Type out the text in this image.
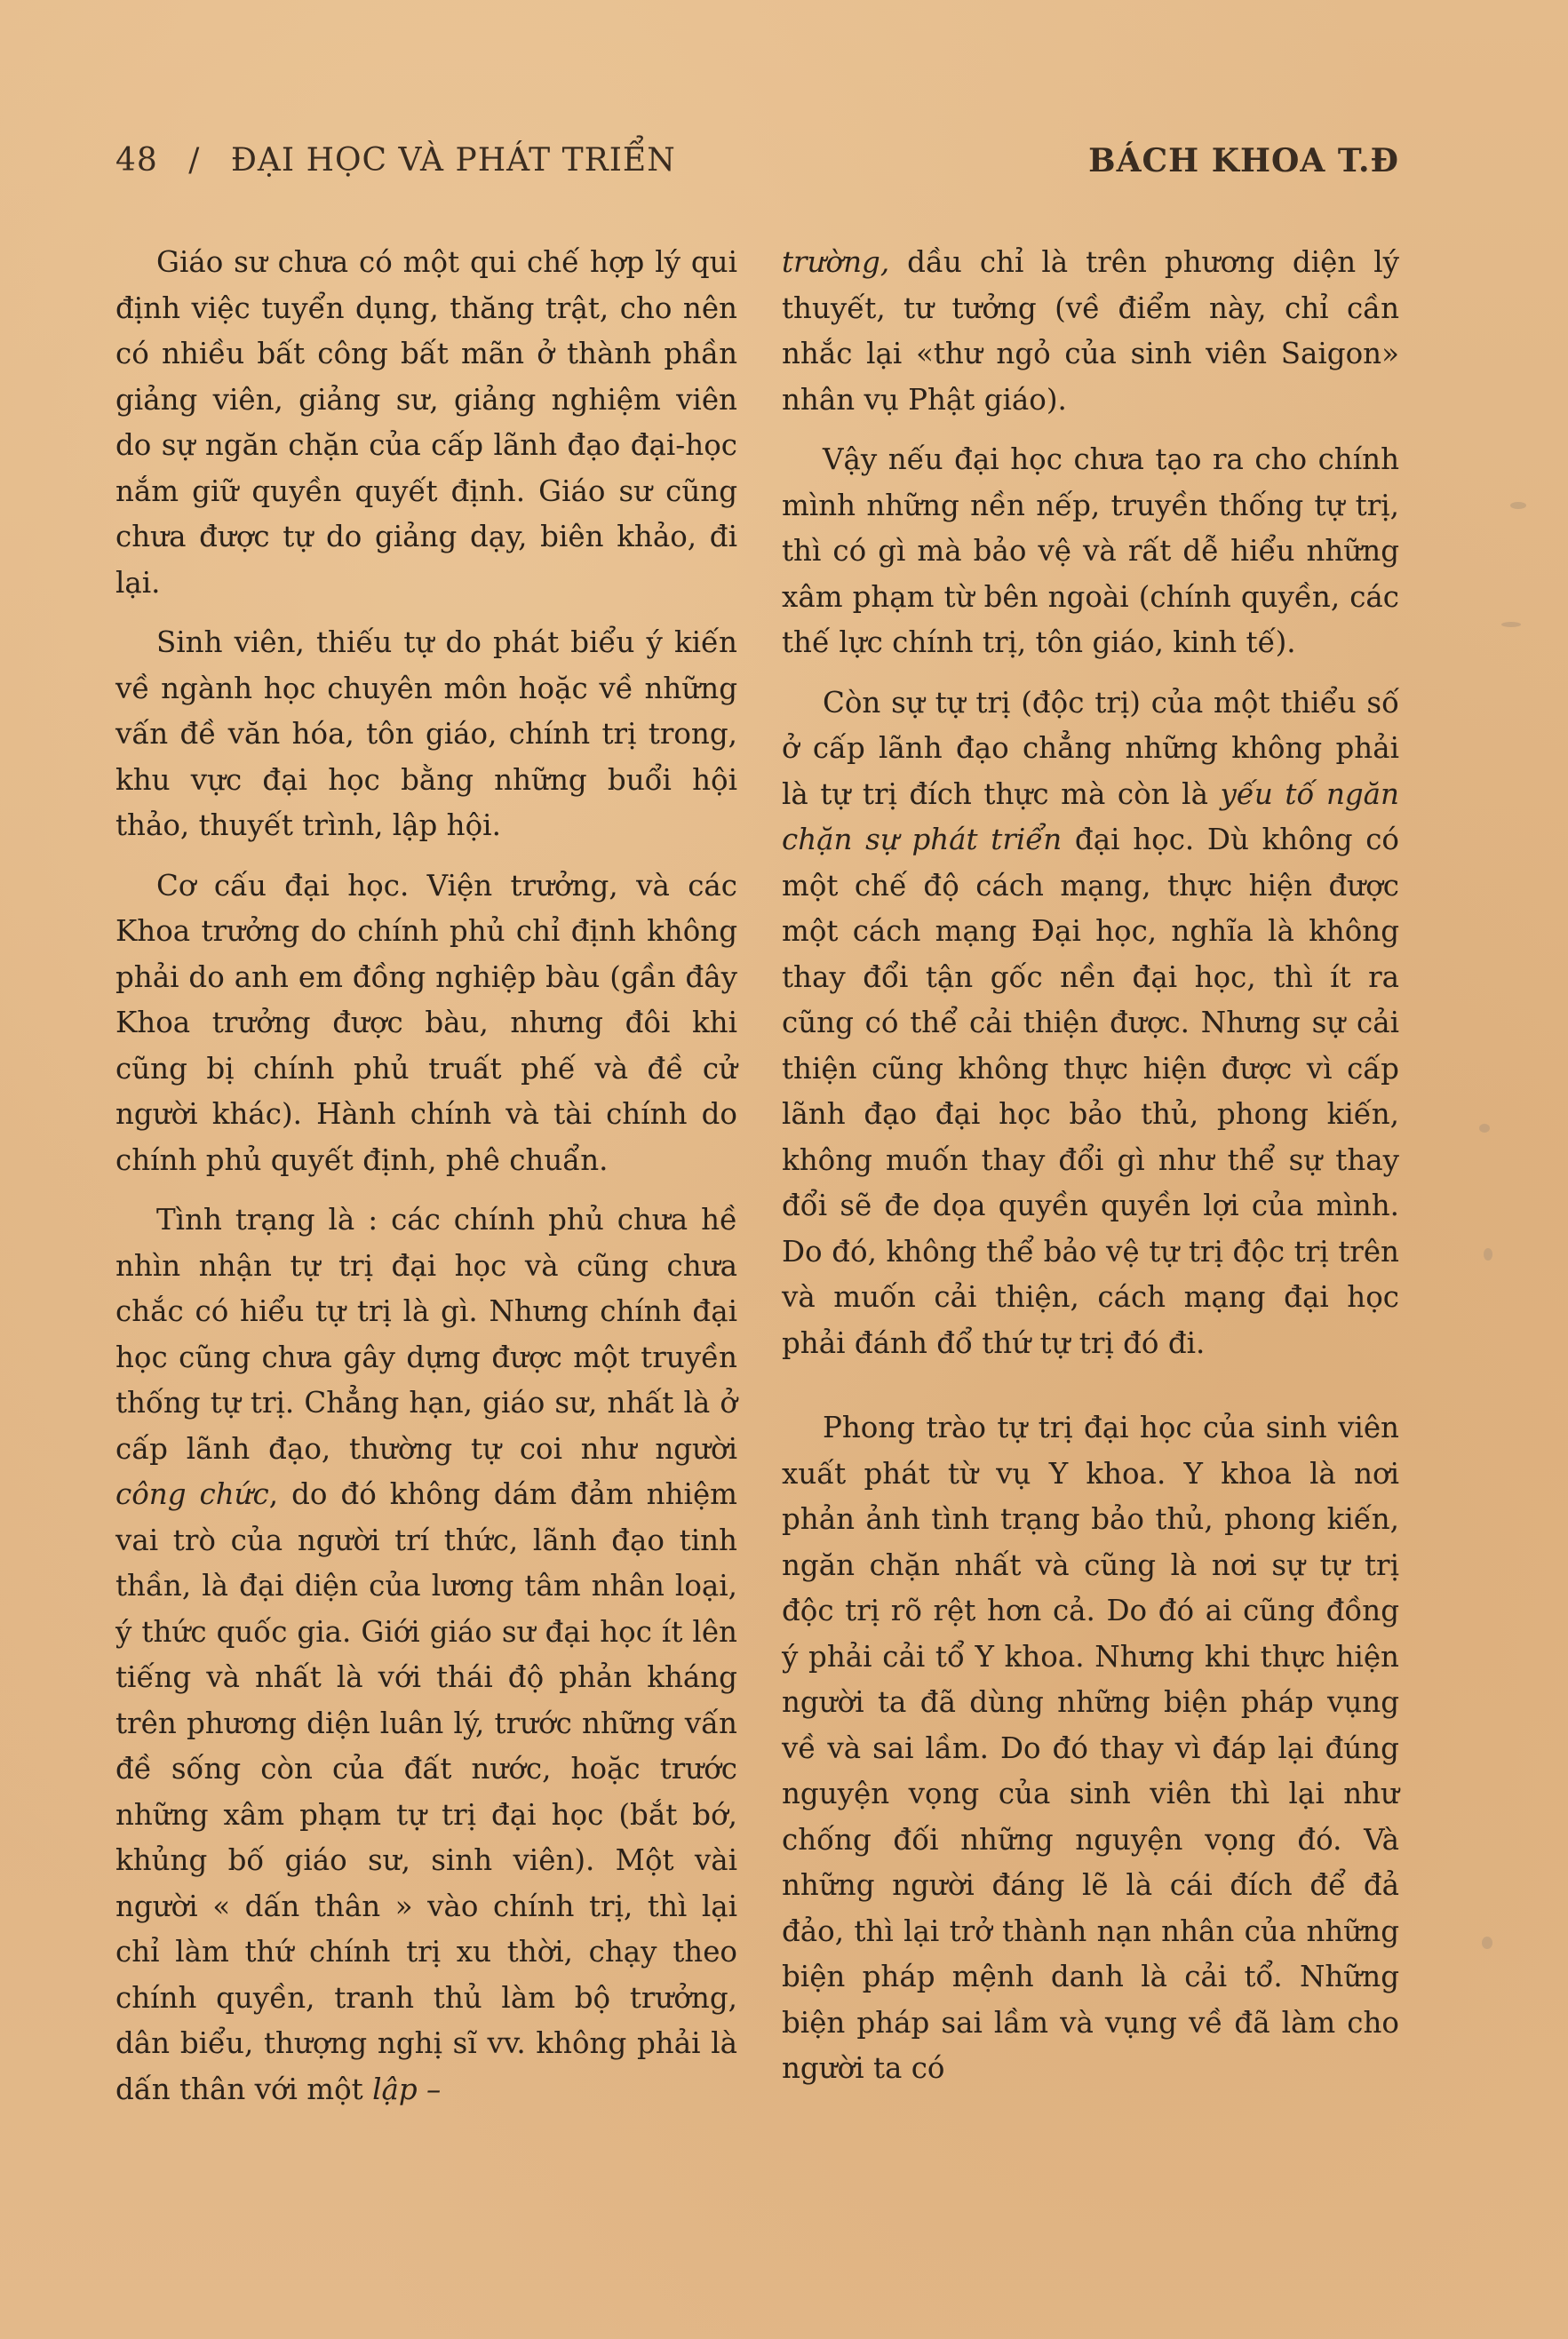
48 / ĐẠI HỌC VÀ PHÁT TRIỂN	BÁCH KHOA T.Đ

Giáo sư chưa có một qui chế hợp lý qui định việc tuyển dụng, thăng trật, cho nên có nhiều bất công bất mãn ở thành phần giảng viên, giảng sư, giảng nghiệm viên do sự ngăn chặn của cấp lãnh đạo đại-học nắm giữ quyền quyết định. Giáo sư cũng chưa được tự do giảng dạy, biên khảo, đi lại.

Sinh viên, thiếu tự do phát biểu ý kiến về ngành học chuyên môn hoặc về những vấn đề văn hóa, tôn giáo, chính trị trong, khu vực đại học bằng những buổi hội thảo, thuyết trình, lập hội.

Cơ cấu đại học. Viện trưởng, và các Khoa trưởng do chính phủ chỉ định không phải do anh em đồng nghiệp bàu (gần đây Khoa trưởng được bàu, nhưng đôi khi cũng bị chính phủ truất phế và đề cử người khác). Hành chính và tài chính do chính phủ quyết định, phê chuẩn.

Tình trạng là : các chính phủ chưa hề nhìn nhận tự trị đại học và cũng chưa chắc có hiểu tự trị là gì. Nhưng chính đại học cũng chưa gây dựng được một truyền thống tự trị. Chẳng hạn, giáo sư, nhất là ở cấp lãnh đạo, thường tự coi như người công chức, do đó không dám đảm nhiệm vai trò của người trí thức, lãnh đạo tinh thần, là đại diện của lương tâm nhân loại, ý thức quốc gia. Giới giáo sư đại học ít lên tiếng và nhất là với thái độ phản kháng trên phương diện luân lý, trước những vấn đề sống còn của đất nước, hoặc trước những xâm phạm tự trị đại học (bắt bớ, khủng bố giáo sư, sinh viên). Một vài người « dấn thân » vào chính trị, thì lại chỉ làm thứ chính trị xu thời, chạy theo chính quyền, tranh thủ làm bộ trưởng, dân biểu, thượng nghị sĩ vv. không phải là dấn thân với một lập –

trường, dầu chỉ là trên phương diện lý thuyết, tư tưởng (về điểm này, chỉ cần nhắc lại «thư ngỏ của sinh viên Saigon» nhân vụ Phật giáo).

Vậy nếu đại học chưa tạo ra cho chính mình những nền nếp, truyền thống tự trị, thì có gì mà bảo vệ và rất dễ hiểu những xâm phạm từ bên ngoài (chính quyền, các thế lực chính trị, tôn giáo, kinh tế).

Còn sự tự trị (độc trị) của một thiểu số ở cấp lãnh đạo chẳng những không phải là tự trị đích thực mà còn là yếu tố ngăn chặn sự phát triển đại học. Dù không có một chế độ cách mạng, thực hiện được một cách mạng Đại học, nghĩa là không thay đổi tận gốc nền đại học, thì ít ra cũng có thể cải thiện được. Nhưng sự cải thiện cũng không thực hiện được vì cấp lãnh đạo đại học bảo thủ, phong kiến, không muốn thay đổi gì như thể sự thay đổi sẽ đe dọa quyền quyền lợi của mình. Do đó, không thể bảo vệ tự trị độc trị trên và muốn cải thiện, cách mạng đại học phải đánh đổ thứ tự trị đó đi.

Phong trào tự trị đại học của sinh viên xuất phát từ vụ Y khoa. Y khoa là nơi phản ảnh tình trạng bảo thủ, phong kiến, ngăn chặn nhất và cũng là nơi sự tự trị độc trị rõ rệt hơn cả. Do đó ai cũng đồng ý phải cải tổ Y khoa. Nhưng khi thực hiện người ta đã dùng những biện pháp vụng về và sai lầm. Do đó thay vì đáp lại đúng nguyện vọng của sinh viên thì lại như chống đối những nguyện vọng đó. Và những người đáng lẽ là cái đích để đả đảo, thì lại trở thành nạn nhân của những biện pháp mệnh danh là cải tổ. Những biện pháp sai lầm và vụng về đã làm cho người ta có
